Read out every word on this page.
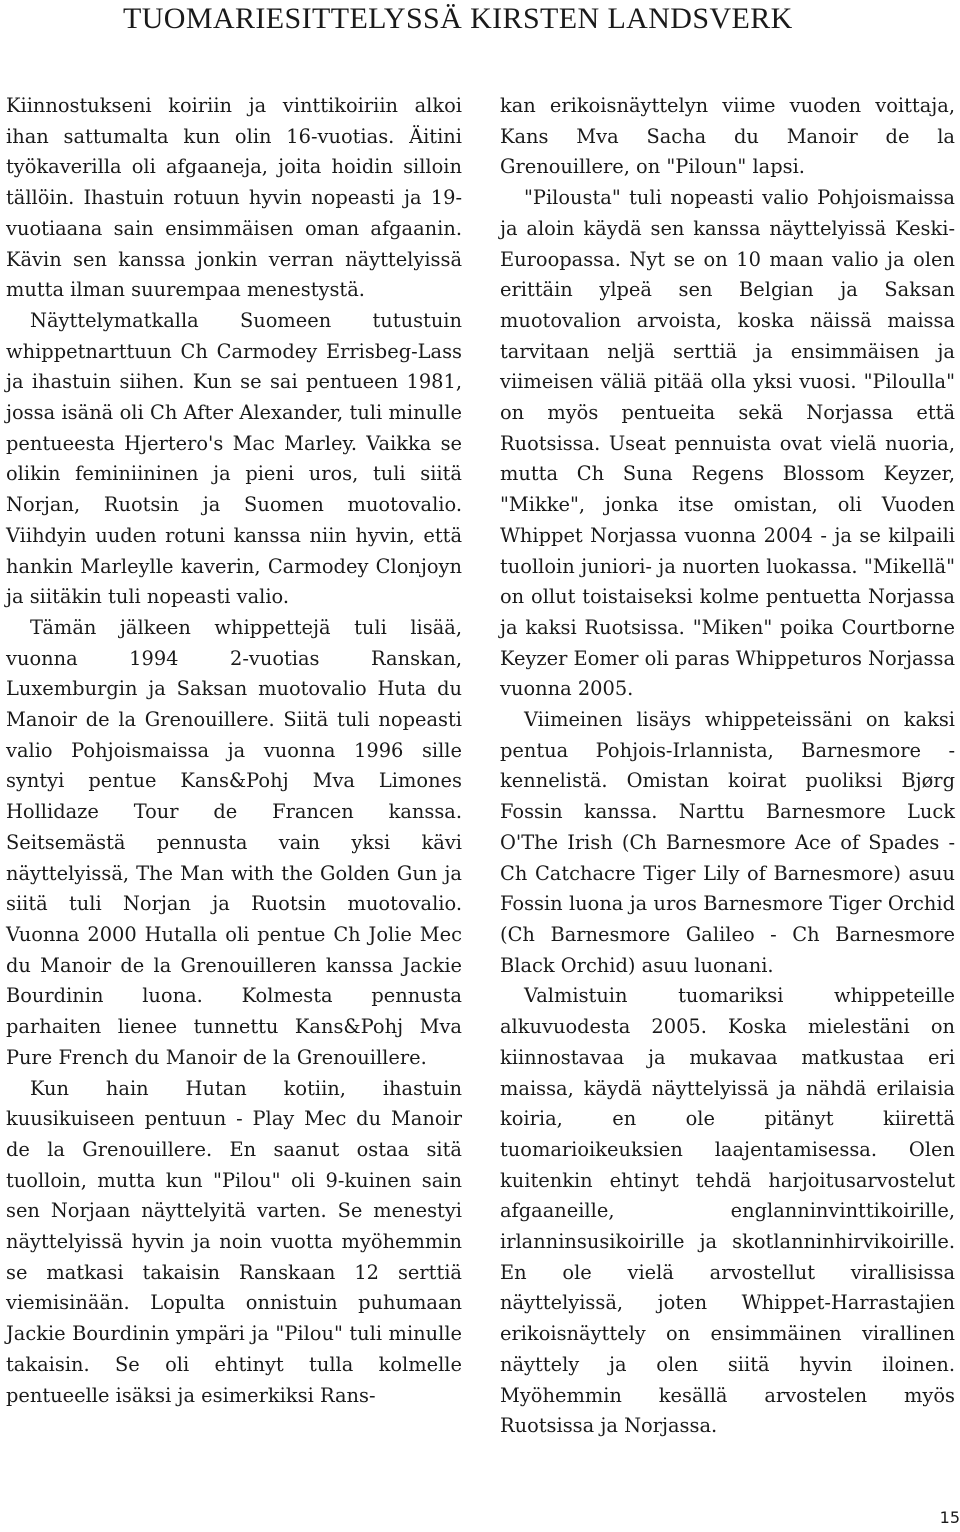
TUOMARIESITTELYSSÄ KIRSTEN LANDSVERK

Kiinnostukseni koiriin ja vinttikoiriin alkoi ihan sattumalta kun olin 16-vuotias. Äitini työkaverilla oli afgaaneja, joita hoidin silloin tällöin. Ihastuin rotuun hyvin nopeasti ja 19-vuotiaana sain ensimmäisen oman afgaanin. Kävin sen kanssa jonkin verran näyttelyissä mutta ilman suurempaa menestystä.

Näyttelymatkalla Suomeen tutustuin whippetnarttuun Ch Carmodey Errisbeg-Lass ja ihastuin siihen. Kun se sai pentueen 1981, jossa isänä oli Ch After Alexander, tuli minulle pentueesta Hjertero's Mac Marley. Vaikka se olikin feminiininen ja pieni uros, tuli siitä Norjan, Ruotsin ja Suomen muotovalio. Viihdyin uuden rotuni kanssa niin hyvin, että hankin Marleylle kaverin, Carmodey Clonjoyn ja siitäkin tuli nopeasti valio.

Tämän jälkeen whippettejä tuli lisää, vuonna 1994 2-vuotias Ranskan, Luxemburgin ja Saksan muotovalio Huta du Manoir de la Grenouillere. Siitä tuli nopeasti valio Pohjoismaissa ja vuonna 1996 sille syntyi pentue Kans&Pohj Mva Limones Hollidaze Tour de Francen kanssa. Seitsemästä pennusta vain yksi kävi näyttelyissä, The Man with the Golden Gun ja siitä tuli Norjan ja Ruotsin muotovalio. Vuonna 2000 Hutalla oli pentue Ch Jolie Mec du Manoir de la Grenouilleren kanssa Jackie Bourdinin luona. Kolmesta pennusta parhaiten lienee tunnettu Kans&Pohj Mva Pure French du Manoir de la Grenouillere.

Kun hain Hutan kotiin, ihastuin kuusikuiseen pentuun - Play Mec du Manoir de la Grenouillere. En saanut ostaa sitä tuolloin, mutta kun "Pilou" oli 9-kuinen sain sen Norjaan näyttelyitä varten. Se menestyi näyttelyissä hyvin ja noin vuotta myöhemmin se matkasi takaisin Ranskaan 12 serttiä viemisinään. Lopulta onnistuin puhumaan Jackie Bourdinin ympäri ja "Pilou" tuli minulle takaisin. Se oli ehtinyt tulla kolmelle pentueelle isäksi ja esimerkiksi Rans-

kan erikoisnäyttelyn viime vuoden voittaja, Kans Mva Sacha du Manoir de la Grenouillere, on "Piloun" lapsi.

"Pilousta" tuli nopeasti valio Pohjoismaissa ja aloin käydä sen kanssa näyttelyissä Keski-Euroopassa. Nyt se on 10 maan valio ja olen erittäin ylpeä sen Belgian ja Saksan muotovalion arvoista, koska näissä maissa tarvitaan neljä serttiä ja ensimmäisen ja viimeisen väliä pitää olla yksi vuosi. "Piloulla" on myös pentueita sekä Norjassa että Ruotsissa. Useat pennuista ovat vielä nuoria, mutta Ch Suna Regens Blossom Keyzer, "Mikke", jonka itse omistan, oli Vuoden Whippet Norjassa vuonna 2004 - ja se kilpaili tuolloin juniori- ja nuorten luokassa. "Mikellä" on ollut toistaiseksi kolme pentuetta Norjassa ja kaksi Ruotsissa. "Miken" poika Courtborne Keyzer Eomer oli paras Whippeturos Norjassa vuonna 2005.

Viimeinen lisäys whippeteissäni on kaksi pentua Pohjois-Irlannista, Barnesmore - kennelistä. Omistan koirat puoliksi Bjørg Fossin kanssa. Narttu Barnesmore Luck O'The Irish (Ch Barnesmore Ace of Spades - Ch Catchacre Tiger Lily of Barnesmore) asuu Fossin luona ja uros Barnesmore Tiger Orchid (Ch Barnesmore Galileo - Ch Barnesmore Black Orchid) asuu luonani.

Valmistuin tuomariksi whippeteille alkuvuodesta 2005. Koska mielestäni on kiinnostavaa ja mukavaa matkustaa eri maissa, käydä näyttelyissä ja nähdä erilaisia koiria, en ole pitänyt kiirettä tuomarioikeuksien laajentamisessa. Olen kuitenkin ehtinyt tehdä harjoitusarvostelut afgaaneille, englanninvinttikoirille, irlanninsusikoirille ja skotlanninhirvikoirille. En ole vielä arvostellut virallisissa näyttelyissä, joten Whippet-Harrastajien erikoisnäyttely on ensimmäinen virallinen näyttely ja olen siitä hyvin iloinen. Myöhemmin kesällä arvostelen myös Ruotsissa ja Norjassa.

15
